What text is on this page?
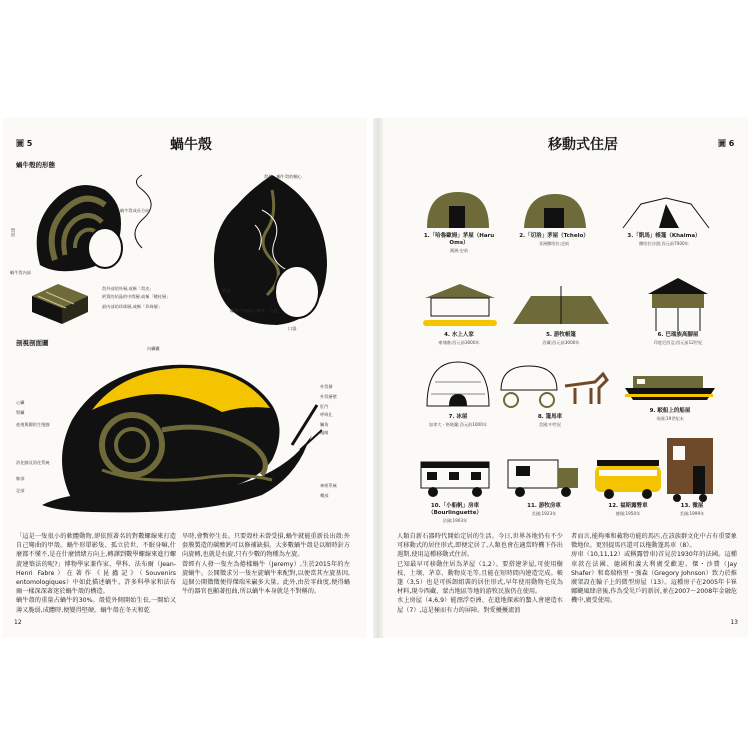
圖 5	蝸牛殼
蝸牛殼的形態
殼頂
蝸牛殼成長方向
蝸牛殼內部
殼外部的外層,或稱「殼皮」
鈣質的結晶的中間層,或稱「稜柱層」
最內部的珍珠層,或稱「珍珠層」
殼柱・蝸牛殼的軸心
臍部
口器
螺旋方向向右:稱為「右旋」
剖視剖面圖
內臟囊
心臟
腎臟
產殖與腸的生殖腺
消化腺及消化系統
肺部
足部
外殼層
外殼層壁
肛門
呼吸孔
觸角
眼睛
神經系統
嘴部
「這是一隻很小的軟體動物,卻依照著名的對數螺線來打造自己彎曲的甲殼。蝸牛形單影隻、孤立於世、不眠身嘛,什麼都不懂不,是在什麼情緒方向上,轉譯到數學螺線來進行螺旋建築法的呢?」博物學家兼作家、學科、法布爾（Jean-Henri Fabre）在著作《昆蟲記》（Souvenirs entomologiques）中如此描述蝸牛。許多科學家和法布爾一樣深深著迷於蝸牛殼的構造。
蝸牛殼的重量占蝸牛的30%。殼從外側開始生長,一開始又薄又脆弱,成體時,便變得堅硬。蝸牛殼在冬天和乾
旱時,會暫停生長。只要殼柱未曾受損,蝸牛就能重新長出殼:外套膜製造的碳酸鈣可以修補缺損。大多數蝸牛殼是以順時針方向旋轉,也就是右旋,只有少數的物種為左旋。
曾經有人發一隻左為捲樣蝸牛（Jeremy）,生於2015年的左旋蝸牛。公開徵求另一隻左旋蝸牛來配對,以便當其左旋基因,這個公開徵徵便得傑瑞米贏多大量。此外,由於零曲度,便得蝸牛的器官也顯著扭曲,所以蝸牛本身就是不對稱的。
12
移動式住居	圖 6
1.「哈魯歐姆」茅屋（Haru Oms）
澳洲;史前
2.「切洛」茅屋（Tchelo）
非洲撒哈拉;史前
3.「凱馬」帳篷（Khaima）
撒哈拉沙漠;西元前7000年
4. 水上人家
柬埔寨;西元前3000年
5. 游牧帳篷
西藏;西元前3000年
6. 巴瑞族高腳屋
印度尼西亞;西元前12世紀
7. 冰屋
加拿大・格陵蘭;西元前1000年
8. 篷馬車
美國;中世紀
9. 駁船上的船屋
英國;19世紀末
10.「小船帆」房車（Bourlinguette）
法國;1903年
11. 游牧房車
美國;1923年
12. 福斯露營車
德國;1950年
13. 微屋
美國;1999年
人類自新石器時代開始定居的生活。今日,世界各地仍有不少可移動式的居住形式,即便定居了,人類也會在適當時機下作出週期,使用這種移動式住居。
已知最早可移動住居為茅屋（1,2）。要搭建茅屋,可使用樹枝、土壤、茅草、動物皮毛等,且能在短時間內建造完成。帳篷（3,5）也是可拆卸組裝的居住形式,早年使用動物毛皮為材料,現今西藏、蒙古地區等地的游牧民族仍在使用。
水上房屋（4,6,9）能漂浮亞洲、在進地探索的蟄人會建造水屋（7）,這是極而有力的屏障。對愛擾擾流浪
者而言,能夠乘和載物功能的馬匹,在該族群文化中占有重要象徵地位。更別提馬匹還可以拖動篷馬車（8）。
房車（10,11,12）或稱露營車)首見於1930年的法國。這種車款在法國、德國和義大利廣受歡迎。傑・沙費（Jay Shafer）和葛瑞格里・強森（Gregory Johnson）致力於推廣架設在輪子上的微型房屋（13）。這種房子在2005年卡崔娜颶風肆虐後,作為受災戶的新居,並在2007～2008年金融危機中,廣受使用。
13
